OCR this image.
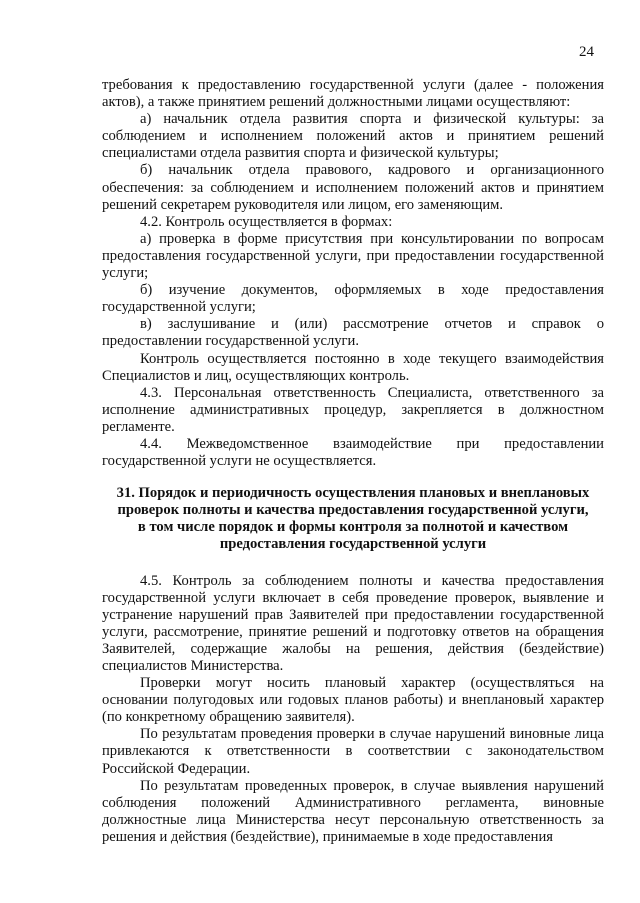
24

требования к предоставлению государственной услуги (далее - положения актов), а также принятием решений должностными лицами осуществляют:

а) начальник отдела развития спорта и физической культуры: за соблюдением и исполнением положений актов и принятием решений специалистами отдела развития спорта и физической культуры;

б) начальник отдела правового, кадрового и организационного обеспечения: за соблюдением и исполнением положений актов и принятием решений секретарем руководителя или лицом, его заменяющим.

4.2. Контроль осуществляется в формах:

а) проверка в форме присутствия при консультировании по вопросам предоставления государственной услуги, при предоставлении государственной услуги;

б) изучение документов, оформляемых в ходе предоставления государственной услуги;

в) заслушивание и (или) рассмотрение отчетов и справок о предоставлении государственной услуги.

Контроль осуществляется постоянно в ходе текущего взаимодействия Специалистов и лиц, осуществляющих контроль.

4.3. Персональная ответственность Специалиста, ответственного за исполнение административных процедур, закрепляется в должностном регламенте.

4.4. Межведомственное взаимодействие при предоставлении государственной услуги не осуществляется.

31. Порядок и периодичность осуществления плановых и внеплановых проверок полноты и качества предоставления государственной услуги, в том числе порядок и формы контроля за полнотой и качеством предоставления государственной услуги

4.5. Контроль за соблюдением полноты и качества предоставления государственной услуги включает в себя проведение проверок, выявление и устранение нарушений прав Заявителей при предоставлении государственной услуги, рассмотрение, принятие решений и подготовку ответов на обращения Заявителей, содержащие жалобы на решения, действия (бездействие) специалистов Министерства.

Проверки могут носить плановый характер (осуществляться на основании полугодовых или годовых планов работы) и внеплановый характер (по конкретному обращению заявителя).

По результатам проведения проверки в случае нарушений виновные лица привлекаются к ответственности в соответствии с законодательством Российской Федерации.

По результатам проведенных проверок, в случае выявления нарушений соблюдения положений Административного регламента, виновные должностные лица Министерства несут персональную ответственность за решения и действия (бездействие), принимаемые в ходе предоставления
